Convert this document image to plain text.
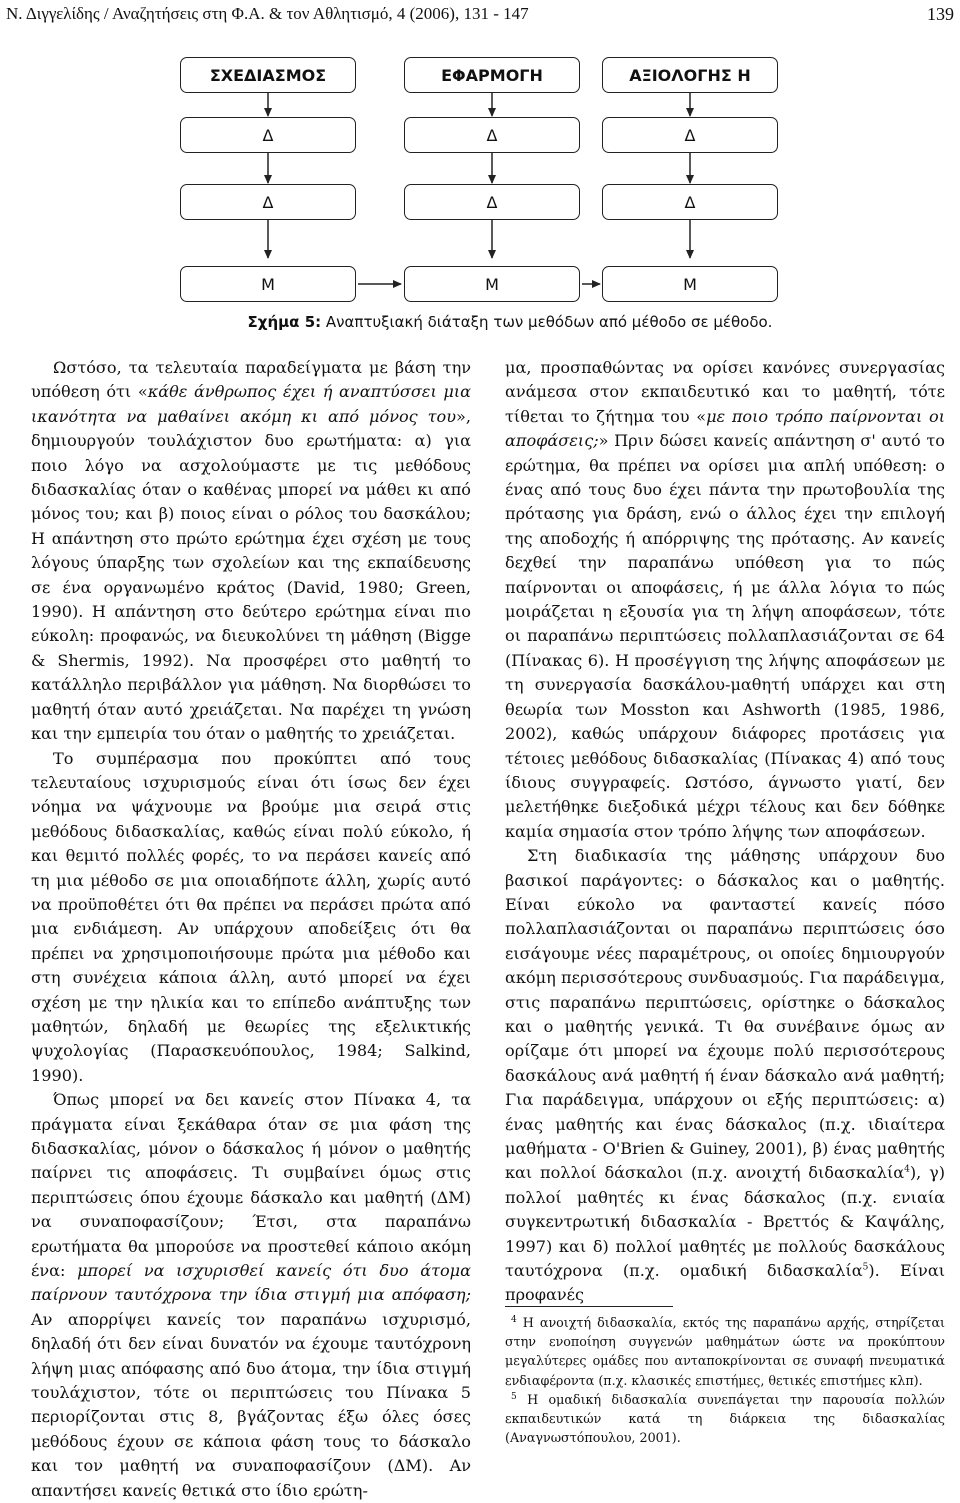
Ν. Διγγελίδης / Αναζητήσεις στη Φ.Α. & τον Αθλητισμό, 4 (2006), 131 - 147	139
ΣΧΕΔΙΑΣΜΟΣ	ΕΦΑΡΜΟΓΗ	ΑΞΙΟΛΟΓΗΣ Η
Δ	Δ	Δ
Δ	Δ	Δ
Μ	Μ	Μ
Σχήμα 5: Αναπτυξιακή διάταξη των μεθόδων από μέθοδο σε μέθοδο.

Ωστόσο, τα τελευταία παραδείγματα με βάση την υπόθεση ότι «κάθε άνθρωπος έχει ή αναπτύσσει μια ικανότητα να μαθαίνει ακόμη κι από μόνος του», δημιουργούν τουλάχιστον δυο ερωτήματα: α) για ποιο λόγο να ασχολούμαστε με τις μεθόδους διδασκαλίας όταν ο καθένας μπορεί να μάθει κι από μόνος του; και β) ποιος είναι ο ρόλος του δασκάλου; Η απάντηση στο πρώτο ερώτημα έχει σχέση με τους λόγους ύπαρξης των σχολείων και της εκπαίδευσης σε ένα οργανωμένο κράτος (David, 1980; Green, 1990). Η απάντηση στο δεύτερο ερώτημα είναι πιο εύκολη: προφανώς, να διευκολύνει τη μάθηση (Bigge & Shermis, 1992). Να προσφέρει στο μαθητή το κατάλληλο περιβάλλον για μάθηση. Να διορθώσει το μαθητή όταν αυτό χρειάζεται. Να παρέχει τη γνώση και την εμπειρία του όταν ο μαθητής το χρειάζεται.

Το συμπέρασμα που προκύπτει από τους τελευταίους ισχυρισμούς είναι ότι ίσως δεν έχει νόημα να ψάχνουμε να βρούμε μια σειρά στις μεθόδους διδασκαλίας, καθώς είναι πολύ εύκολο, ή και θεμιτό πολλές φορές, το να περάσει κανείς από τη μια μέθοδο σε μια οποιαδήποτε άλλη, χωρίς αυτό να προϋποθέτει ότι θα πρέπει να περάσει πρώτα από μια ενδιάμεση. Αν υπάρχουν αποδείξεις ότι θα πρέπει να χρησιμοποιήσουμε πρώτα μια μέθοδο και στη συνέχεια κάποια άλλη, αυτό μπορεί να έχει σχέση με την ηλικία και το επίπεδο ανάπτυξης των μαθητών, δηλαδή με θεωρίες της εξελικτικής ψυχολογίας (Παρασκευόπουλος, 1984; Salkind, 1990).

Όπως μπορεί να δει κανείς στον Πίνακα 4, τα πράγματα είναι ξεκάθαρα όταν σε μια φάση της διδασκαλίας, μόνον ο δάσκαλος ή μόνον ο μαθητής παίρνει τις αποφάσεις. Τι συμβαίνει όμως στις περιπτώσεις όπου έχουμε δάσκαλο και μαθητή (ΔΜ) να συναποφασίζουν; Έτσι, στα παραπάνω ερωτήματα θα μπορούσε να προστεθεί κάποιο ακόμη ένα: μπορεί να ισχυρισθεί κανείς ότι δυο άτομα παίρνουν ταυτόχρονα την ίδια στιγμή μια απόφαση; Αν απορρίψει κανείς τον παραπάνω ισχυρισμό, δηλαδή ότι δεν είναι δυνατόν να έχουμε ταυτόχρονη λήψη μιας απόφασης από δυο άτομα, την ίδια στιγμή τουλάχιστον, τότε οι περιπτώσεις του Πίνακα 5 περιορίζονται στις 8, βγάζοντας έξω όλες όσες μεθόδους έχουν σε κάποια φάση τους το δάσκαλο και τον μαθητή να συναποφασίζουν (ΔΜ). Αν απαντήσει κανείς θετικά στο ίδιο ερώτη-

μα, προσπαθώντας να ορίσει κανόνες συνεργασίας ανάμεσα στον εκπαιδευτικό και το μαθητή, τότε τίθεται το ζήτημα του «με ποιο τρόπο παίρνονται οι αποφάσεις;» Πριν δώσει κανείς απάντηση σ' αυτό το ερώτημα, θα πρέπει να ορίσει μια απλή υπόθεση: ο ένας από τους δυο έχει πάντα την πρωτοβουλία της πρότασης για δράση, ενώ ο άλλος έχει την επιλογή της αποδοχής ή απόρριψης της πρότασης. Αν κανείς δεχθεί την παραπάνω υπόθεση για το πώς παίρνονται οι αποφάσεις, ή με άλλα λόγια το πώς μοιράζεται η εξουσία για τη λήψη αποφάσεων, τότε οι παραπάνω περιπτώσεις πολλαπλασιάζονται σε 64 (Πίνακας 6). Η προσέγγιση της λήψης αποφάσεων με τη συνεργασία δασκάλου-μαθητή υπάρχει και στη θεωρία των Mosston και Ashworth (1985, 1986, 2002), καθώς υπάρχουν διάφορες προτάσεις για τέτοιες μεθόδους διδασκαλίας (Πίνακας 4) από τους ίδιους συγγραφείς. Ωστόσο, άγνωστο γιατί, δεν μελετήθηκε διεξοδικά μέχρι τέλους και δεν δόθηκε καμία σημασία στον τρόπο λήψης των αποφάσεων.

Στη διαδικασία της μάθησης υπάρχουν δυο βασικοί παράγοντες: ο δάσκαλος και ο μαθητής. Είναι εύκολο να φανταστεί κανείς πόσο πολλαπλασιάζονται οι παραπάνω περιπτώσεις όσο εισάγουμε νέες παραμέτρους, οι οποίες δημιουργούν ακόμη περισσότερους συνδυασμούς. Για παράδειγμα, στις παραπάνω περιπτώσεις, ορίστηκε ο δάσκαλος και ο μαθητής γενικά. Τι θα συνέβαινε όμως αν ορίζαμε ότι μπορεί να έχουμε πολύ περισσότερους δασκάλους ανά μαθητή ή έναν δάσκαλο ανά μαθητή; Για παράδειγμα, υπάρχουν οι εξής περιπτώσεις: α) ένας μαθητής και ένας δάσκαλος (π.χ. ιδιαίτερα μαθήματα - O'Brien & Guiney, 2001), β) ένας μαθητής και πολλοί δάσκαλοι (π.χ. ανοιχτή διδασκαλία$^4$), γ) πολλοί μαθητές κι ένας δάσκαλος (π.χ. ενιαία συγκεντρωτική διδασκαλία - Βρεττός & Καψάλης, 1997) και δ) πολλοί μαθητές με πολλούς δασκάλους ταυτόχρονα (π.χ. ομαδική διδασκαλία$^5$). Είναι προφανές

$^4$ Η ανοιχτή διδασκαλία, εκτός της παραπάνω αρχής, στηρίζεται στην ενοποίηση συγγενών μαθημάτων ώστε να προκύπτουν μεγαλύτερες ομάδες που ανταποκρίνονται σε συναφή πνευματικά ενδιαφέροντα (π.χ. κλασικές επιστήμες, θετικές επιστήμες κλπ).

$^5$ Η ομαδική διδασκαλία συνεπάγεται την παρουσία πολλών εκπαιδευτικών κατά τη διάρκεια της διδασκαλίας (Αναγνωστόπουλου, 2001).
